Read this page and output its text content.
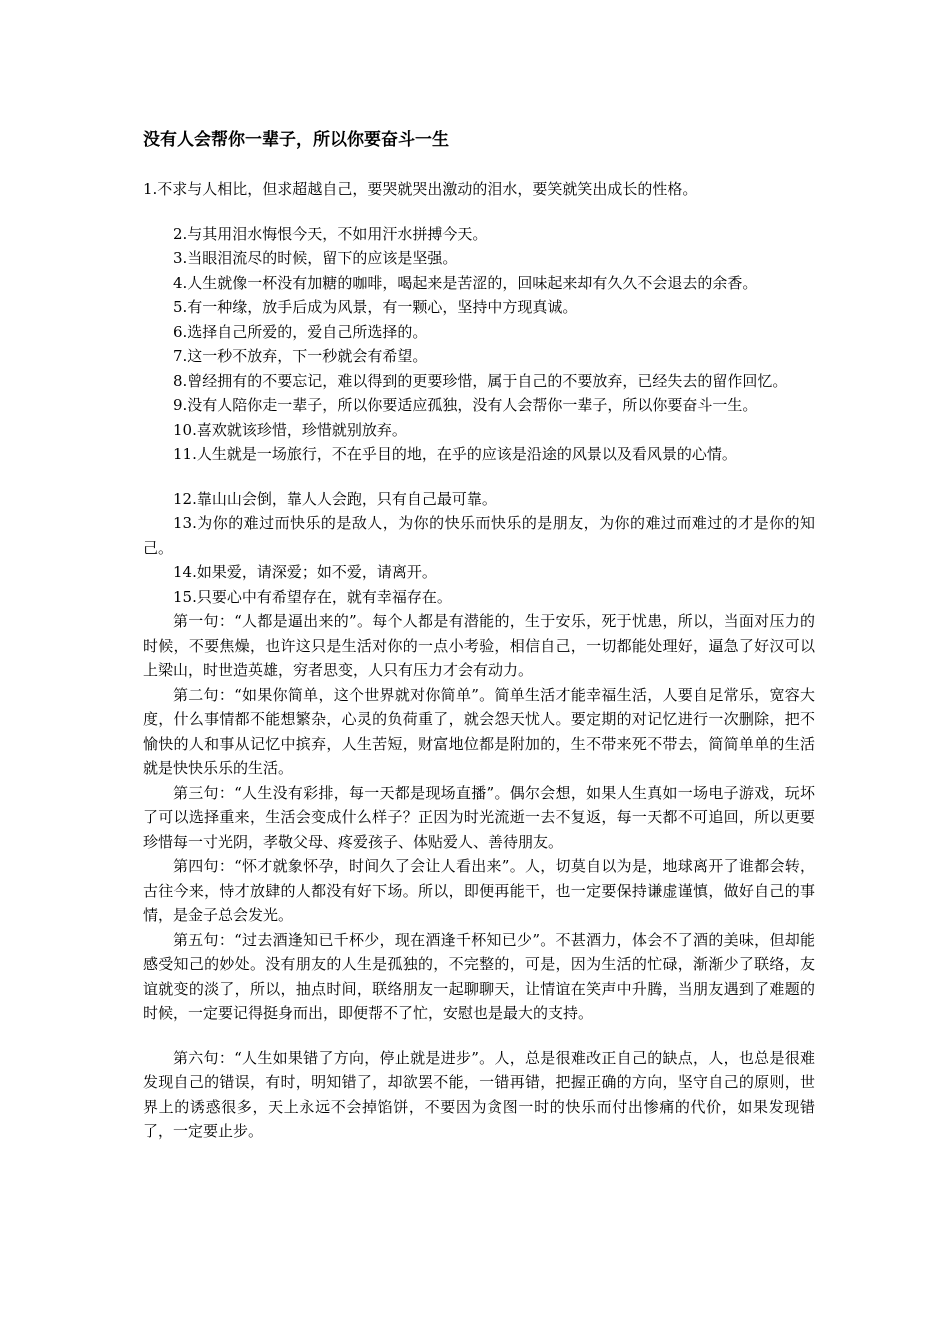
没有人会帮你一辈子，所以你要奋斗一生

1.不求与人相比，但求超越自己，要哭就哭出激动的泪水，要笑就笑出成长的性格。

2.与其用泪水悔恨今天，不如用汗水拼搏今天。

3.当眼泪流尽的时候，留下的应该是坚强。

4.人生就像一杯没有加糖的咖啡，喝起来是苦涩的，回味起来却有久久不会退去的余香。

5.有一种缘，放手后成为风景，有一颗心，坚持中方现真诚。

6.选择自己所爱的，爱自己所选择的。

7.这一秒不放弃，下一秒就会有希望。

8.曾经拥有的不要忘记，难以得到的更要珍惜，属于自己的不要放弃，已经失去的留作回忆。

9.没有人陪你走一辈子，所以你要适应孤独，没有人会帮你一辈子，所以你要奋斗一生。

10.喜欢就该珍惜，珍惜就别放弃。

11.人生就是一场旅行，不在乎目的地，在乎的应该是沿途的风景以及看风景的心情。

12.靠山山会倒，靠人人会跑，只有自己最可靠。

13.为你的难过而快乐的是敌人，为你的快乐而快乐的是朋友，为你的难过而难过的才是你的知己。

14.如果爱，请深爱；如不爱，请离开。

15.只要心中有希望存在，就有幸福存在。

第一句：“人都是逼出来的”。每个人都是有潜能的，生于安乐，死于忧患，所以，当面对压力的时候，不要焦燥，也许这只是生活对你的一点小考验，相信自己，一切都能处理好，逼急了好汉可以上梁山，时世造英雄，穷者思变，人只有压力才会有动力。

第二句：“如果你简单，这个世界就对你简单”。简单生活才能幸福生活，人要自足常乐，宽容大度，什么事情都不能想繁杂，心灵的负荷重了，就会怨天忧人。要定期的对记忆进行一次删除，把不愉快的人和事从记忆中摈弃，人生苦短，财富地位都是附加的，生不带来死不带去，简简单单的生活就是快快乐乐的生活。

第三句：“人生没有彩排，每一天都是现场直播”。偶尔会想，如果人生真如一场电子游戏，玩坏了可以选择重来，生活会变成什么样子？正因为时光流逝一去不复返，每一天都不可追回，所以更要珍惜每一寸光阴，孝敬父母、疼爱孩子、体贴爱人、善待朋友。

第四句：“怀才就象怀孕，时间久了会让人看出来”。人，切莫自以为是，地球离开了谁都会转，古往今来，恃才放肆的人都没有好下场。所以，即便再能干，也一定要保持谦虚谨慎，做好自己的事情，是金子总会发光。

第五句：“过去酒逢知已千杯少，现在酒逢千杯知已少”。不甚酒力，体会不了酒的美味，但却能感受知己的妙处。没有朋友的人生是孤独的，不完整的，可是，因为生活的忙碌，渐渐少了联络，友谊就变的淡了，所以，抽点时间，联络朋友一起聊聊天，让情谊在笑声中升腾，当朋友遇到了难题的时候，一定要记得挺身而出，即便帮不了忙，安慰也是最大的支持。

第六句：“人生如果错了方向，停止就是进步”。人，总是很难改正自己的缺点，人，也总是很难发现自己的错误，有时，明知错了，却欲罢不能，一错再错，把握正确的方向，坚守自己的原则，世界上的诱惑很多，天上永远不会掉馅饼，不要因为贪图一时的快乐而付出惨痛的代价，如果发现错了，一定要止步。
